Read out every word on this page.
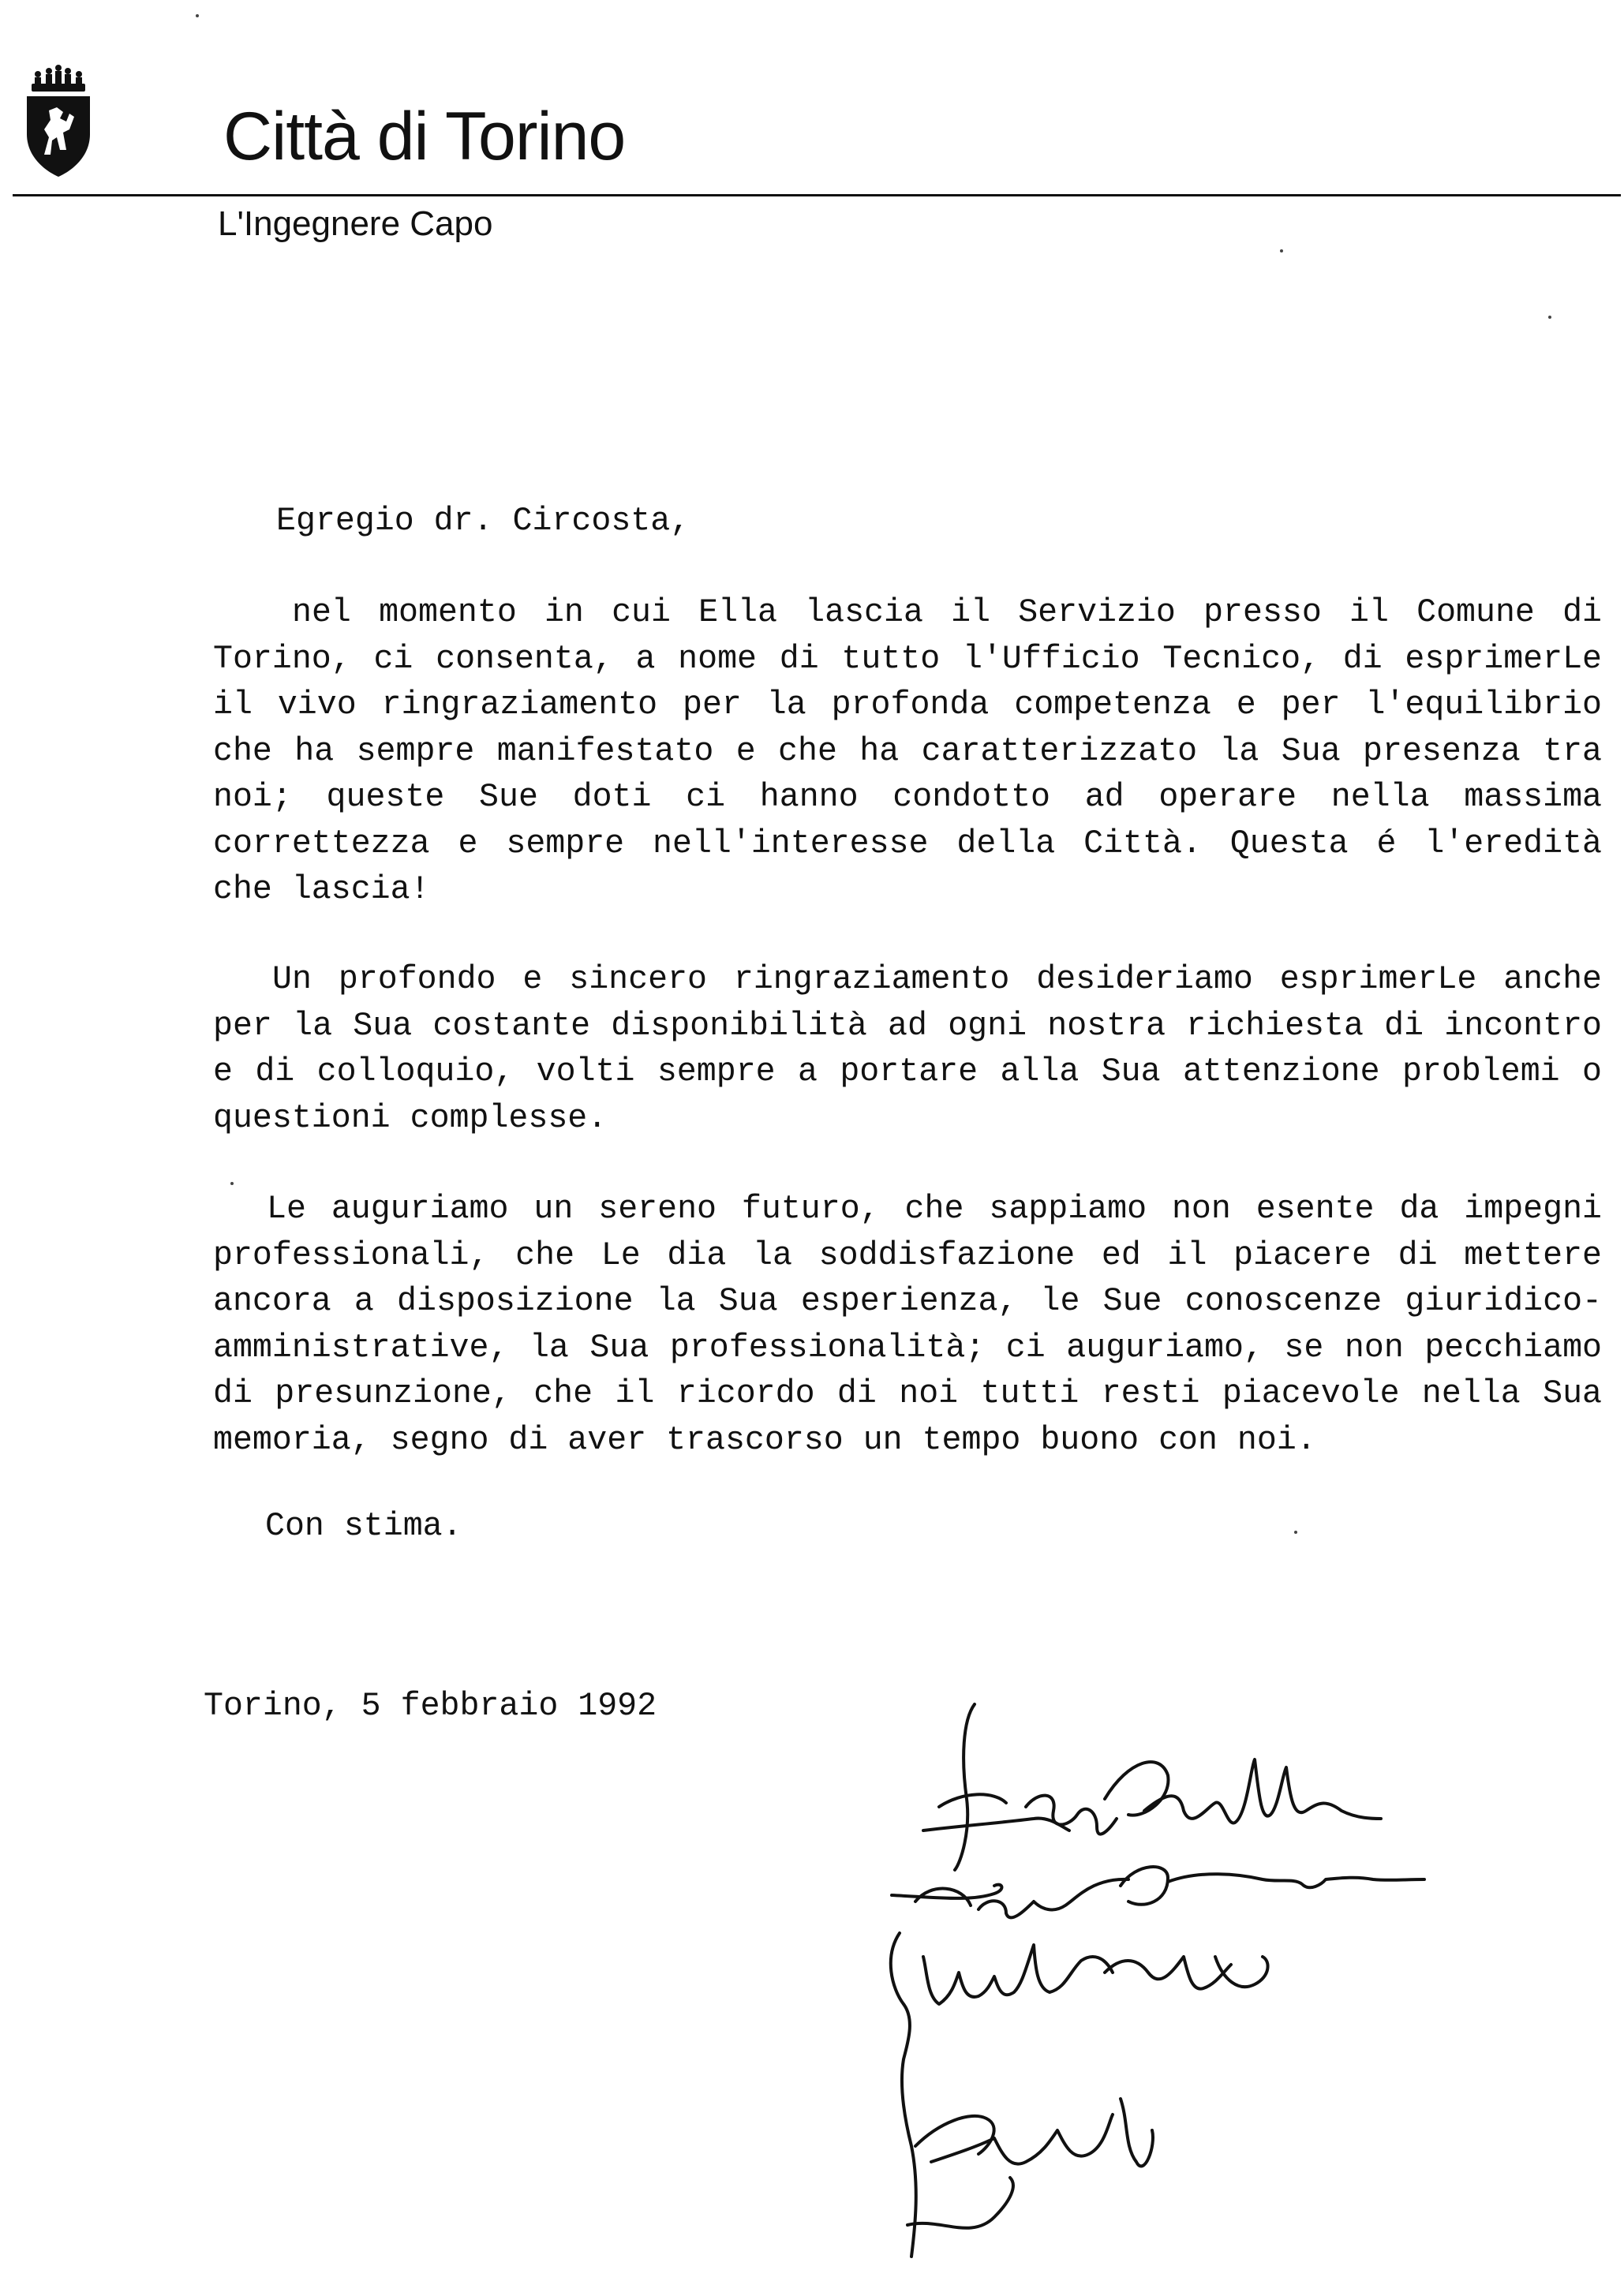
Città di Torino
L'Ingegnere Capo
Egregio dr. Circosta,

nel momento in cui Ella lascia il Servizio presso il Comune di Torino, ci consenta, a nome di tutto l'Ufficio Tecnico, di esprimerLe il vivo ringraziamento per la profonda competenza e per l'equilibrio che ha sempre manifestato e che ha caratterizzato la Sua presenza tra noi; queste Sue doti ci hanno condotto ad operare nella massima correttezza e sempre nell'interesse della Città. Questa é l'eredità che lascia!

Un profondo e sincero ringraziamento desideriamo esprimerLe anche per la Sua costante disponibilità ad ogni nostra richiesta di incontro e di colloquio, volti sempre a portare alla Sua attenzione problemi o questioni complesse.

Le auguriamo un sereno futuro, che sappiamo non esente da impegni professionali, che Le dia la soddisfazione ed il piacere di mettere ancora a disposizione la Sua esperienza, le Sue conoscenze giuridico-amministrative, la Sua professionalità; ci auguriamo, se non pecchiamo di presunzione, che il ricordo di noi tutti resti piacevole nella Sua memoria, segno di aver trascorso un tempo buono con noi.

Con stima.
Torino, 5 febbraio 1992
